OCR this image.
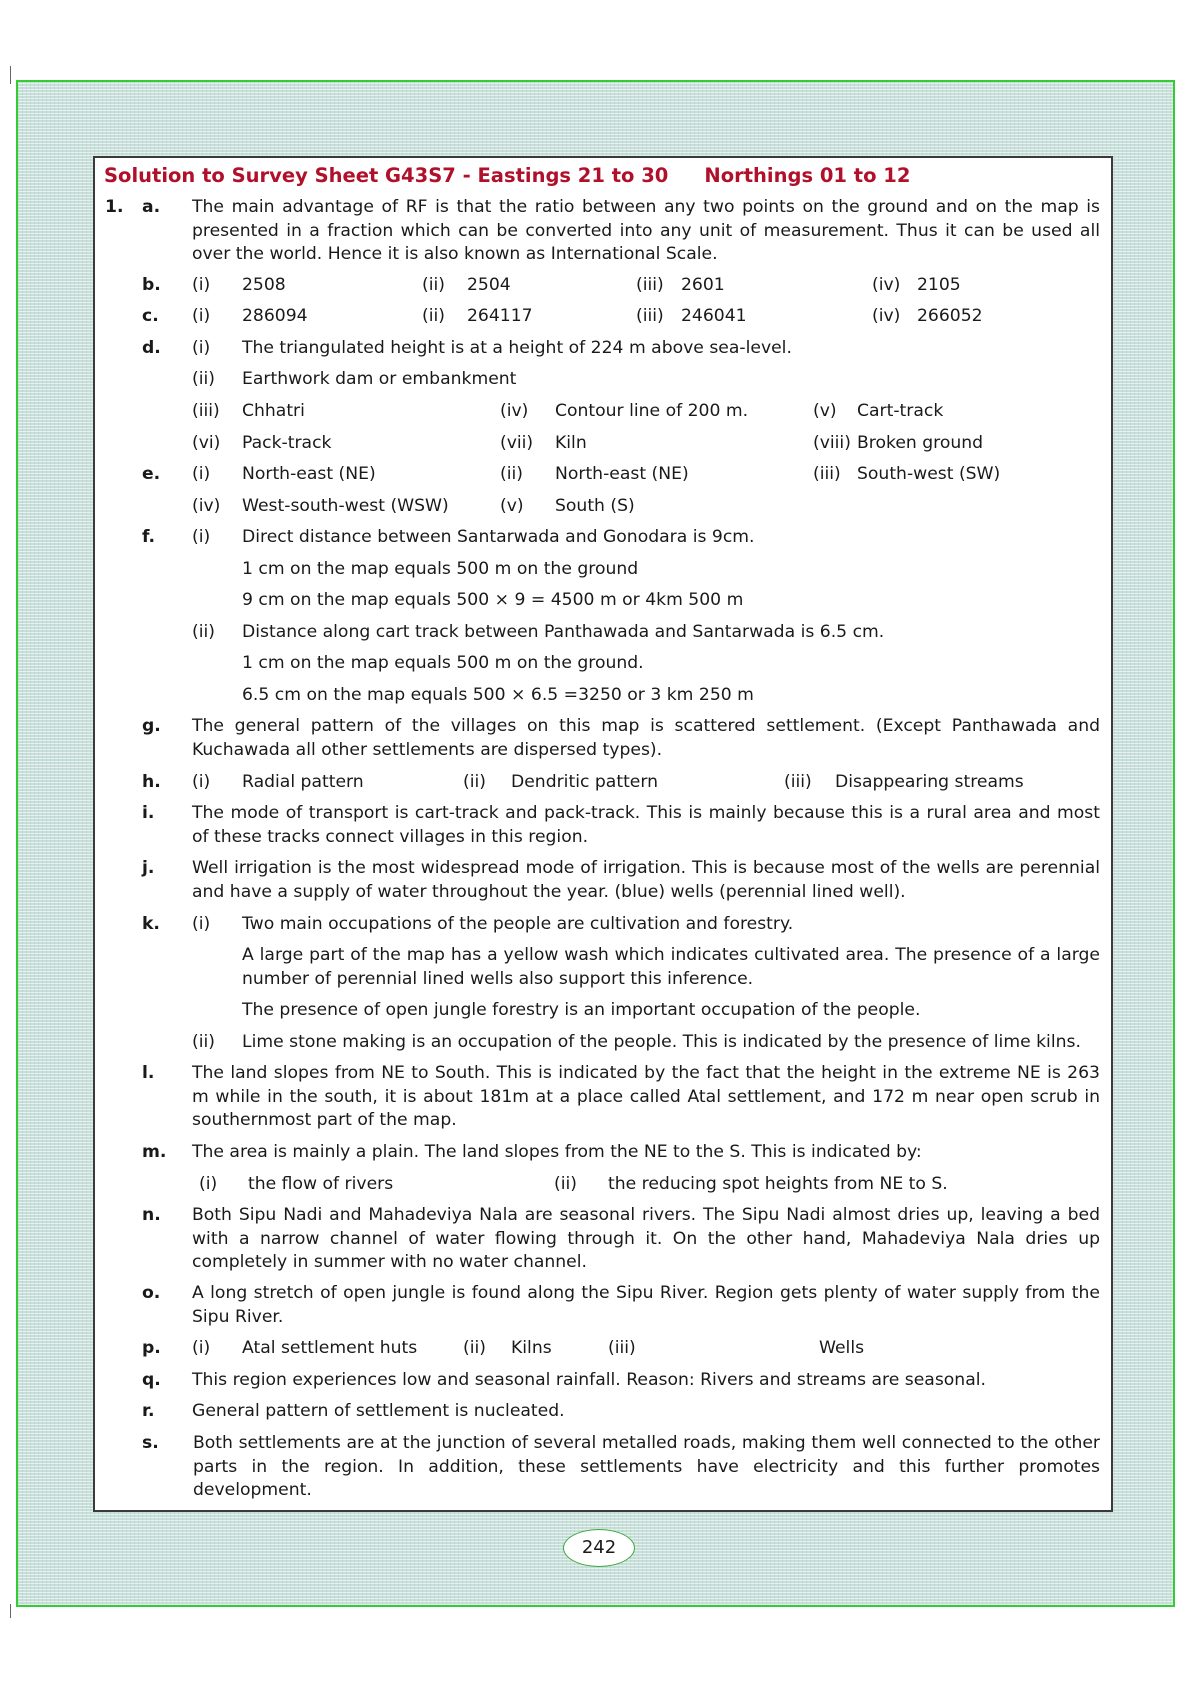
Solution to Survey Sheet G43S7 - Eastings 21 to 30 Northings 01 to 12
1. a. The main advantage of RF is that the ratio between any two points on the ground and on the map is presented in a fraction which can be converted into any unit of measurement. Thus it can be used all over the world. Hence it is also known as International Scale.
b. (i) 2508	(ii) 2504	(iii) 2601	(iv) 2105
c. (i) 286094	(ii) 264117	(iii) 246041	(iv) 266052
d. (i) The triangulated height is at a height of 224 m above sea-level.
(ii) Earthwork dam or embankment
(iii) Chhatri	(iv) Contour line of 200 m.	(v) Cart-track
(vi) Pack-track	(vii) Kiln	(viii) Broken ground
e. (i) North-east (NE)	(ii) North-east (NE)	(iii) South-west (SW)
(iv) West-south-west (WSW)	(v) South (S)
f. (i) Direct distance between Santarwada and Gonodara is 9cm.
1 cm on the map equals 500 m on the ground
9 cm on the map equals 500 × 9 = 4500 m or 4km 500 m
(ii) Distance along cart track between Panthawada and Santarwada is 6.5 cm.
1 cm on the map equals 500 m on the ground.
6.5 cm on the map equals 500 × 6.5 =3250 or 3 km 250 m
g. The general pattern of the villages on this map is scattered settlement. (Except Panthawada and Kuchawada all other settlements are dispersed types).
h. (i) Radial pattern	(ii) Dendritic pattern	(iii) Disappearing streams
i. The mode of transport is cart-track and pack-track. This is mainly because this is a rural area and most of these tracks connect villages in this region.
j. Well irrigation is the most widespread mode of irrigation. This is because most of the wells are perennial and have a supply of water throughout the year. (blue) wells (perennial lined well).
k. (i) Two main occupations of the people are cultivation and forestry.
A large part of the map has a yellow wash which indicates cultivated area. The presence of a large number of perennial lined wells also support this inference.
The presence of open jungle forestry is an important occupation of the people.
(ii) Lime stone making is an occupation of the people. This is indicated by the presence of lime kilns.
l. The land slopes from NE to South. This is indicated by the fact that the height in the extreme NE is 263 m while in the south, it is about 181m at a place called Atal settlement, and 172 m near open scrub in southernmost part of the map.
m. The area is mainly a plain. The land slopes from the NE to the S. This is indicated by:
(i) the flow of rivers	(ii) the reducing spot heights from NE to S.
n. Both Sipu Nadi and Mahadeviya Nala are seasonal rivers. The Sipu Nadi almost dries up, leaving a bed with a narrow channel of water flowing through it. On the other hand, Mahadeviya Nala dries up completely in summer with no water channel.
o. A long stretch of open jungle is found along the Sipu River. Region gets plenty of water supply from the Sipu River.
p. (i) Atal settlement huts	(ii) Kilns	(iii)	Wells
q. This region experiences low and seasonal rainfall. Reason: Rivers and streams are seasonal.
r. General pattern of settlement is nucleated.
s. Both settlements are at the junction of several metalled roads, making them well connected to the other parts in the region. In addition, these settlements have electricity and this further promotes development.
242
